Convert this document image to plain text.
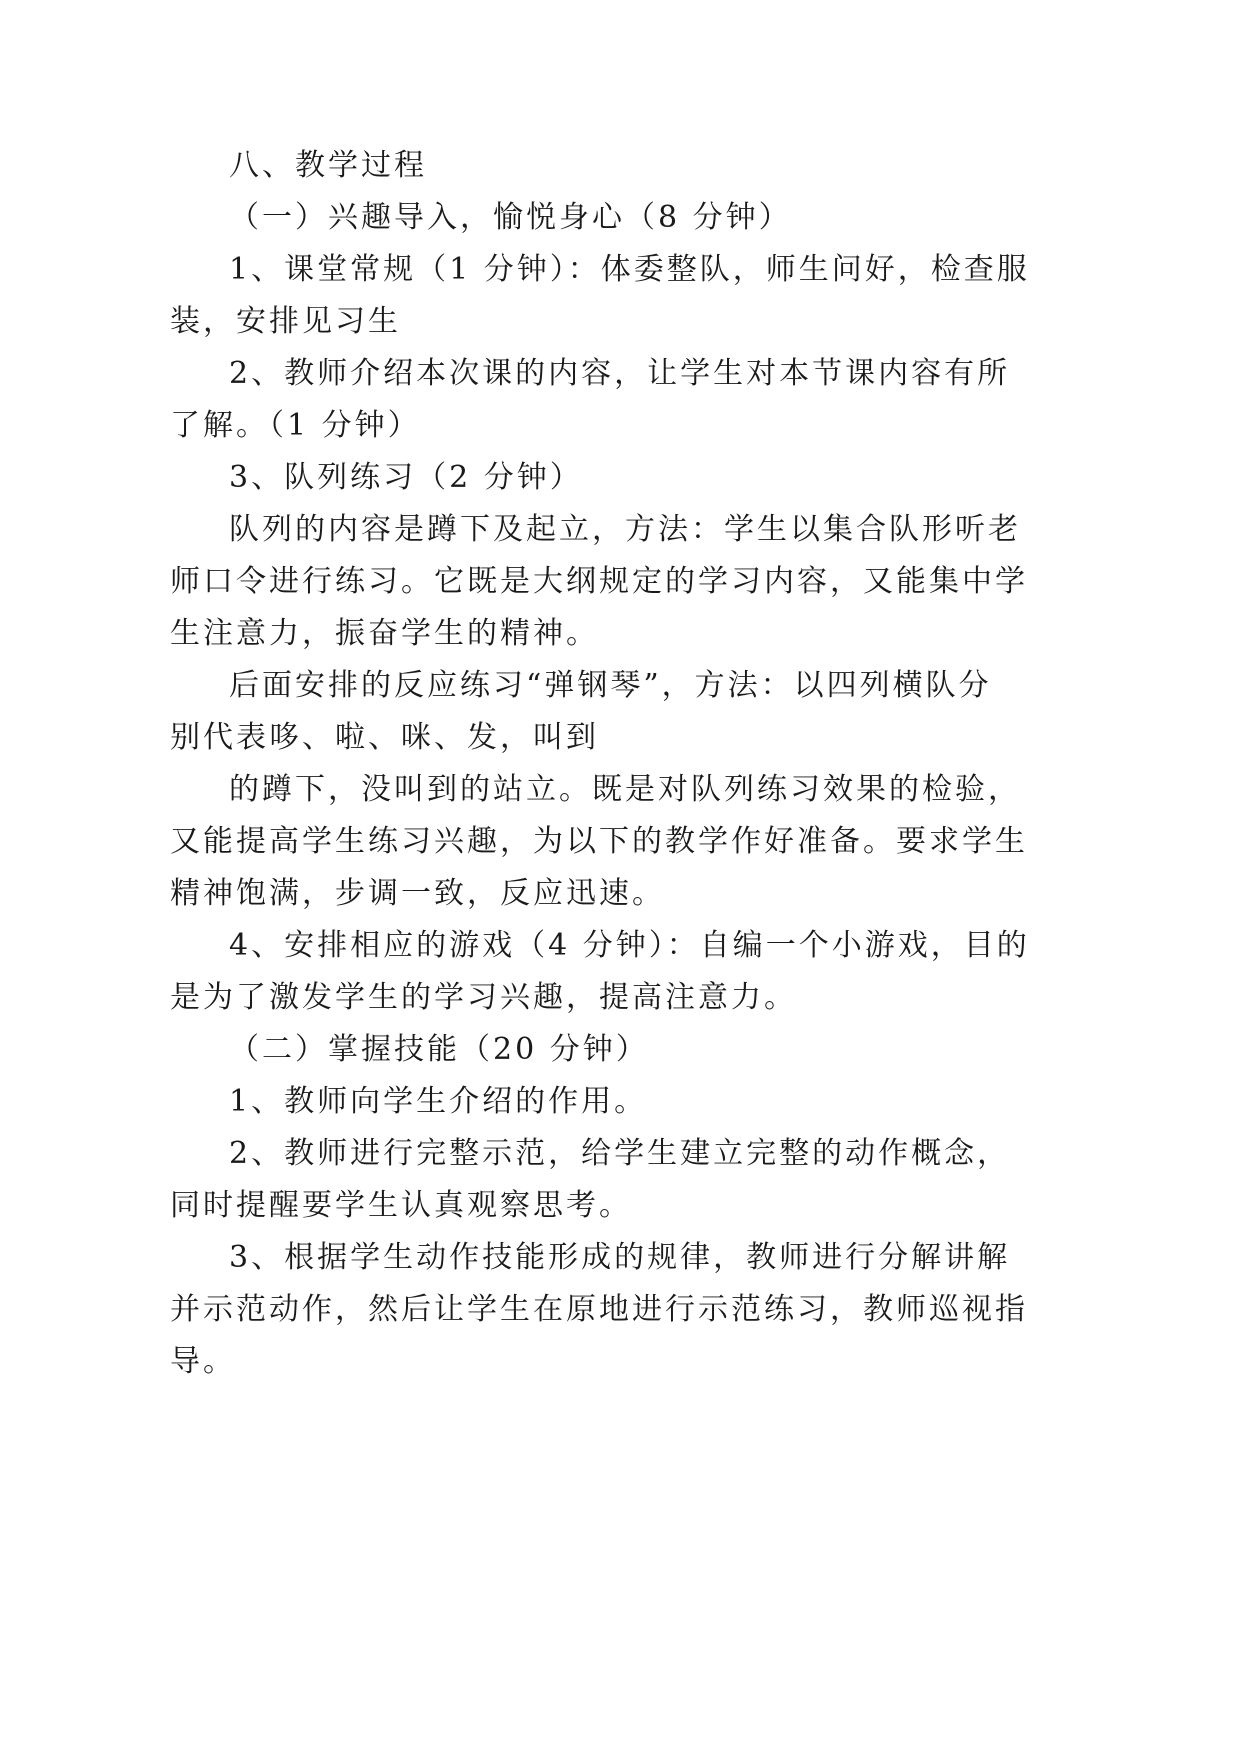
八、教学过程
（一）兴趣导入，愉悦身心（8 分钟）
1、课堂常规（1 分钟）：体委整队，师生问好，检查服
装，安排见习生
2、教师介绍本次课的内容，让学生对本节课内容有所
了解。（1 分钟）
3、队列练习（2 分钟）
队列的内容是蹲下及起立，方法：学生以集合队形听老
师口令进行练习。它既是大纲规定的学习内容，又能集中学
生注意力，振奋学生的精神。
后面安排的反应练习“弹钢琴”，方法：以四列横队分
别代表哆、啦、咪、发，叫到
的蹲下，没叫到的站立。既是对队列练习效果的检验，
又能提高学生练习兴趣，为以下的教学作好准备。要求学生
精神饱满，步调一致，反应迅速。
4、安排相应的游戏（4 分钟）：自编一个小游戏，目的
是为了激发学生的学习兴趣，提高注意力。
（二）掌握技能（20 分钟）
1、教师向学生介绍的作用。
2、教师进行完整示范，给学生建立完整的动作概念，
同时提醒要学生认真观察思考。
3、根据学生动作技能形成的规律，教师进行分解讲解
并示范动作，然后让学生在原地进行示范练习，教师巡视指
导。
